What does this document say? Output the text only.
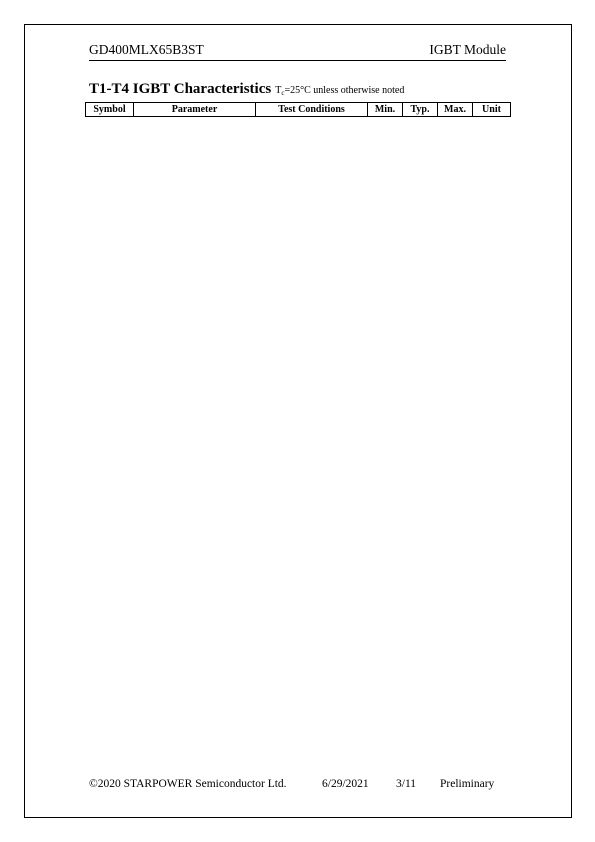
GD400MLX65B3ST	IGBT Module
T1-T4 IGBT Characteristics $T_c=25^\circ C$ unless otherwise noted
Symbol	Parameter	Test Conditions	Min.	Typ.	Max.	Unit
©2020 STARPOWER Semiconductor Ltd.	6/29/2021 3/11 Preliminary
